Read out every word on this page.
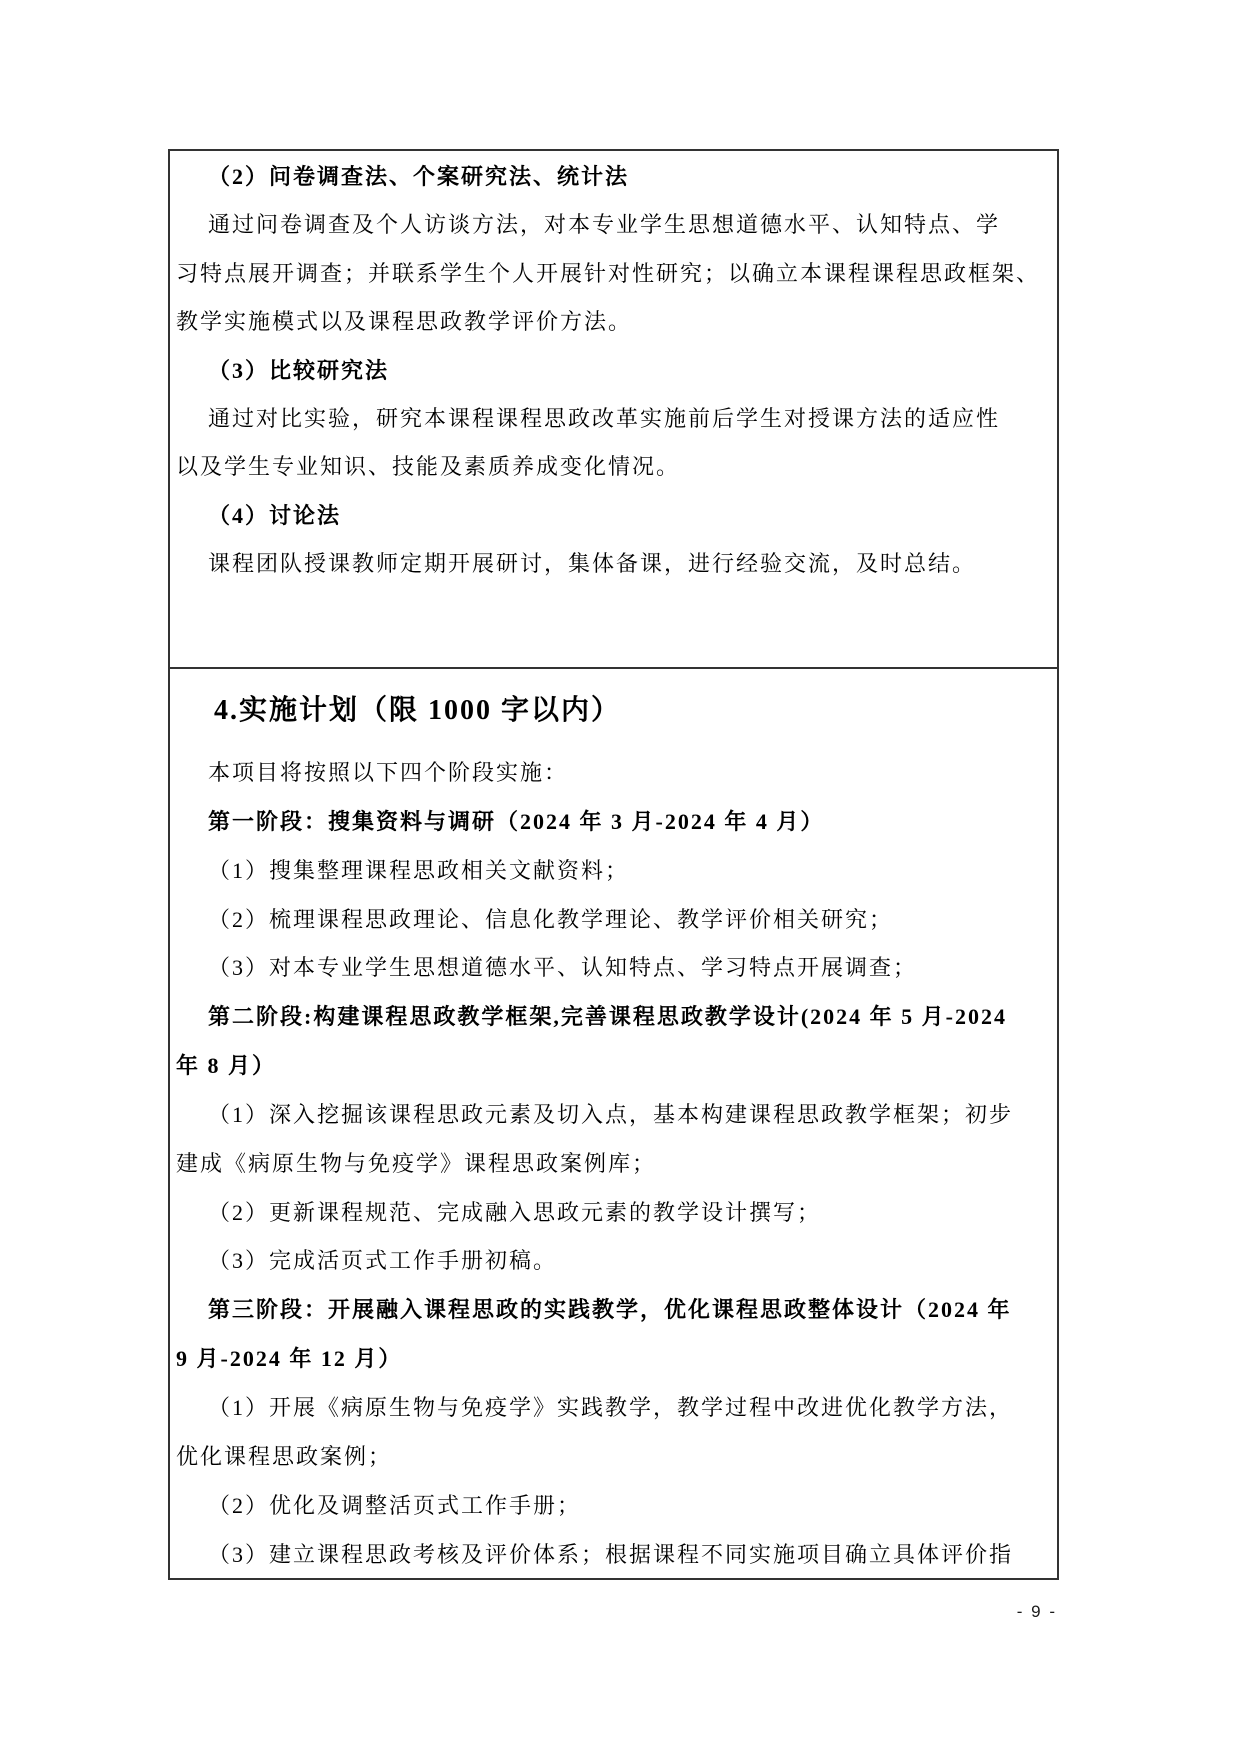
（2）问卷调查法、个案研究法、统计法
通过问卷调查及个人访谈方法，对本专业学生思想道德水平、认知特点、学
习特点展开调查；并联系学生个人开展针对性研究；以确立本课程课程思政框架、
教学实施模式以及课程思政教学评价方法。
（3）比较研究法
通过对比实验，研究本课程课程思政改革实施前后学生对授课方法的适应性
以及学生专业知识、技能及素质养成变化情况。
（4）讨论法
课程团队授课教师定期开展研讨，集体备课，进行经验交流，及时总结。
4.实施计划（限 1000 字以内）
本项目将按照以下四个阶段实施：
第一阶段：搜集资料与调研（2024 年 3 月-2024 年 4 月）
（1）搜集整理课程思政相关文献资料；
（2）梳理课程思政理论、信息化教学理论、教学评价相关研究；
（3）对本专业学生思想道德水平、认知特点、学习特点开展调查；
第二阶段:构建课程思政教学框架,完善课程思政教学设计(2024 年 5 月-2024
年 8 月）
（1）深入挖掘该课程思政元素及切入点，基本构建课程思政教学框架；初步
建成《病原生物与免疫学》课程思政案例库；
（2）更新课程规范、完成融入思政元素的教学设计撰写；
（3）完成活页式工作手册初稿。
第三阶段：开展融入课程思政的实践教学，优化课程思政整体设计（2024 年
9 月-2024 年 12 月）
（1）开展《病原生物与免疫学》实践教学，教学过程中改进优化教学方法，
优化课程思政案例；
（2）优化及调整活页式工作手册；
（3）建立课程思政考核及评价体系；根据课程不同实施项目确立具体评价指
- 9 -
